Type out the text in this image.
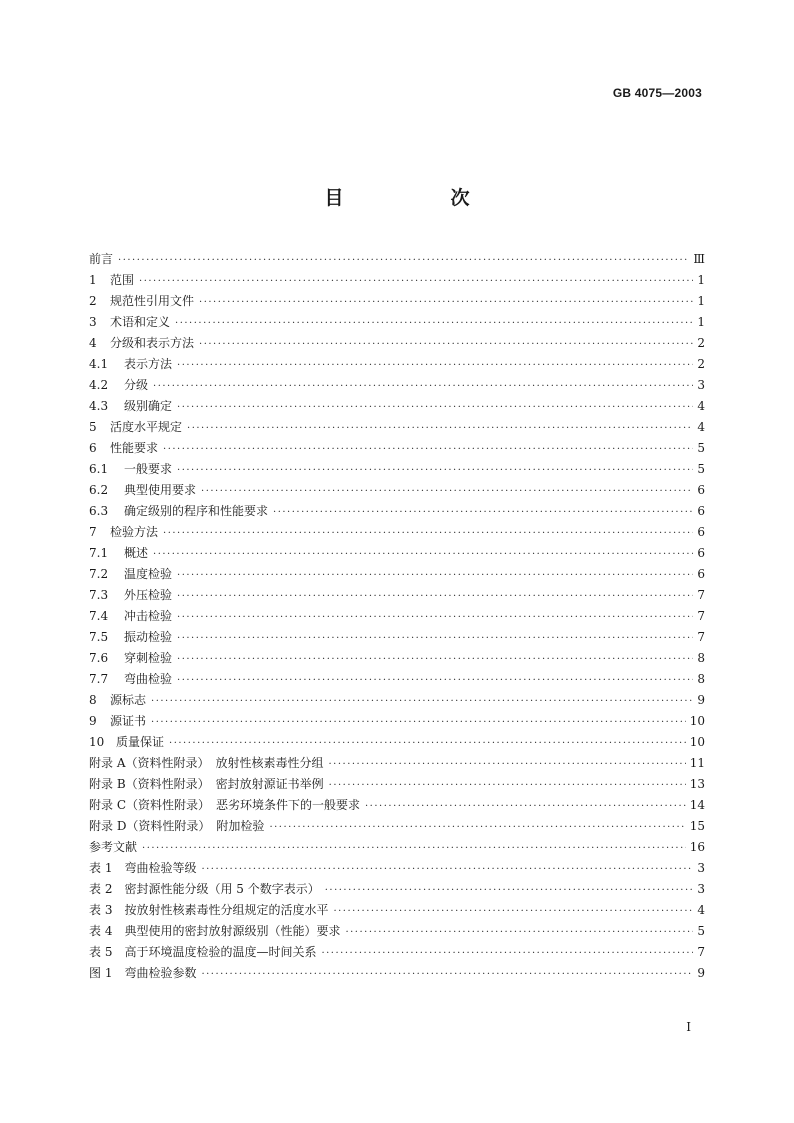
GB 4075—2003
目　次
前言 ·····	Ⅲ
1	范围 ·····	1
2	规范性引用文件 ·····	1
3	术语和定义 ·····	1
4	分级和表示方法 ·····	2
4.1	表示方法 ·····	2
4.2	分级 ·····	3
4.3	级别确定 ·····	4
5	活度水平规定 ·····	4
6	性能要求 ·····	5
6.1	一般要求 ·····	5
6.2	典型使用要求 ·····	6
6.3	确定级别的程序和性能要求 ·····	6
7	检验方法 ·····	6
7.1	概述 ·····	6
7.2	温度检验 ·····	6
7.3	外压检验 ·····	7
7.4	冲击检验 ·····	7
7.5	振动检验 ·····	7
7.6	穿刺检验 ·····	8
7.7	弯曲检验 ·····	8
8	源标志 ·····	9
9	源证书 ·····	10
10 质量保证 ·····	10
附录 A（资料性附录）　放射性核素毒性分组 ·····	11
附录 B（资料性附录）　密封放射源证书举例 ·····	13
附录 C（资料性附录）　恶劣环境条件下的一般要求 ·····	14
附录 D（资料性附录）　附加检验 ·····	15
参考文献 ·····	16
表 1　弯曲检验等级 ·····	3
表 2　密封源性能分级（用 5 个数字表示） ·····	3
表 3　按放射性核素毒性分组规定的活度水平 ·····	4
表 4　典型使用的密封放射源级别（性能）要求 ·····	5
表 5　高于环境温度检验的温度—时间关系 ·····	7
图 1　弯曲检验参数 ·····	9
I
